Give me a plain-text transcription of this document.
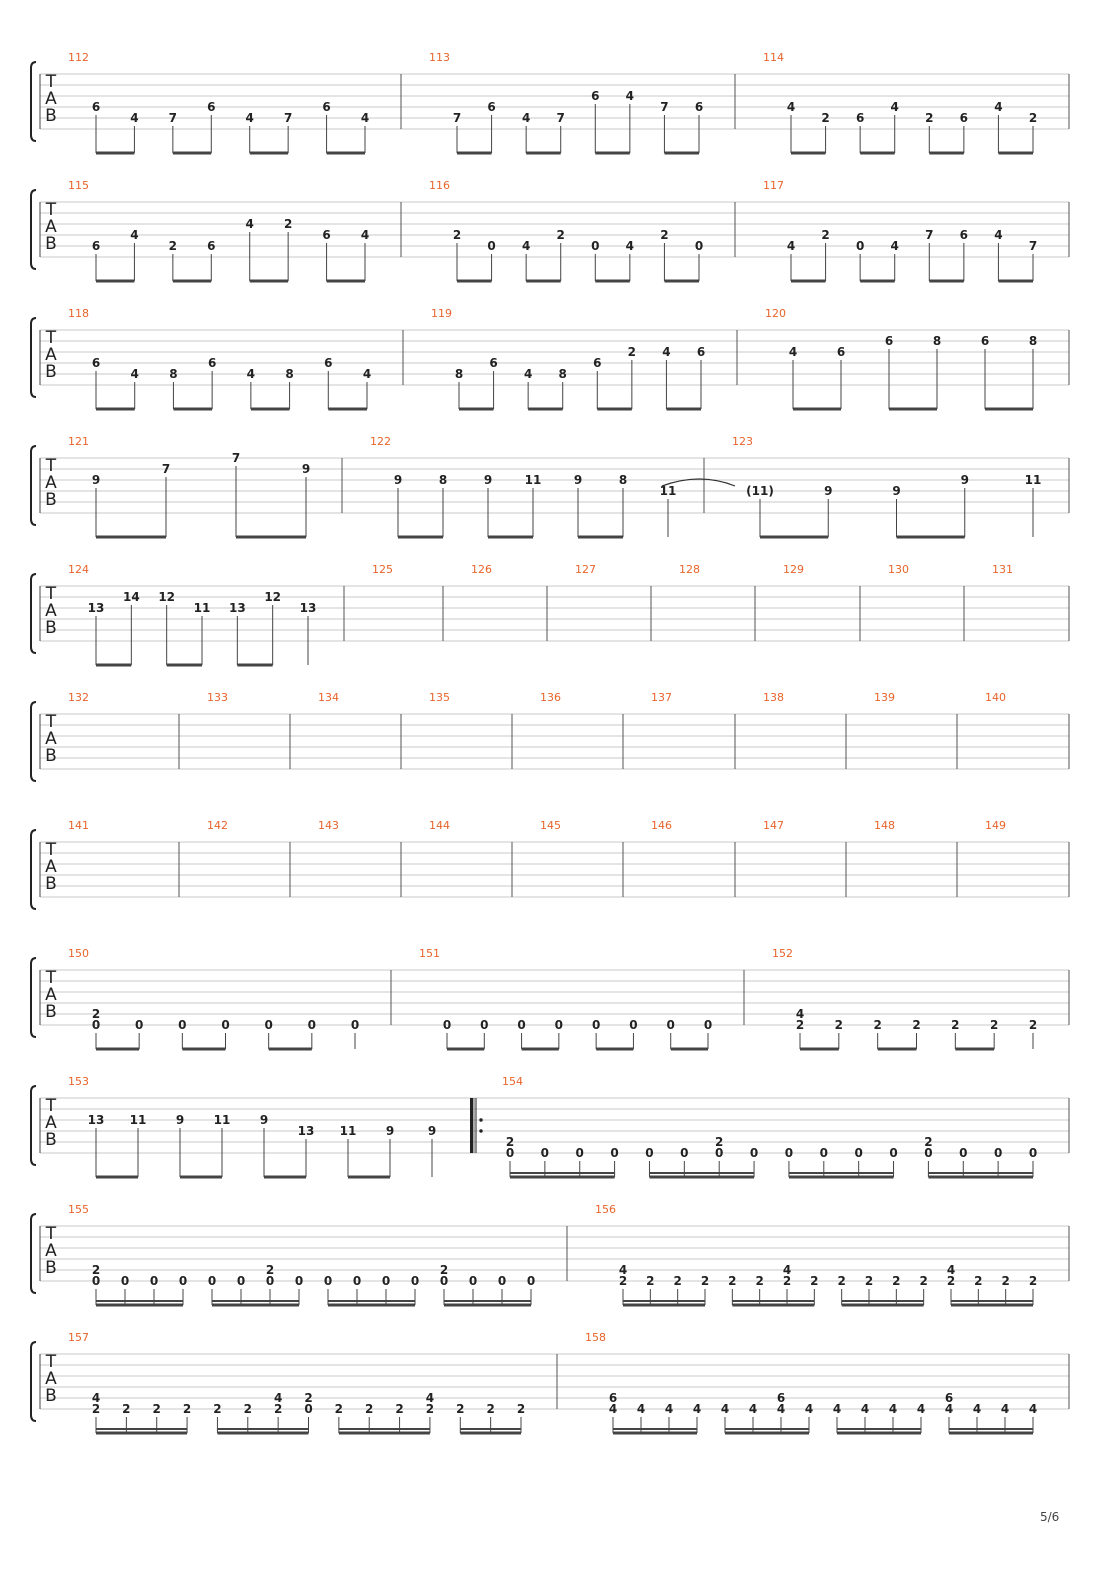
T
A
B
112
6
4	7
6
4	7
6
4
113
7
6
4 7
6 4
7 6
114
4
2 6
4
2 6
4
2
T
A
B
115
6
4
2	6
4	2
6	4
116
2
0 4
2
0 4
2
0
117
4
2
0 4
7 6 4
7
T
A
B
118
6
4	8
6
4	8
6
4
119
8
6
4 8
6
2 4 6
120
4	6
6	8	6	8
T
A
B
121
9
7
7
9
122
9	8	9	11	9	8
11
123
(11)	9	9
9	11
T
A
B
124
13
14 12
11 13
12
13
125	126	127	128	129	130	131
T
A
B
132	133	134	135	136	137	138	139	140
T
A
B
141	142	143	144	145	146	147	148	149
T
A
B
150
2
0	0	0	0	0	0	0
151
0 0 0 0 0 0 0 0
152
4
2	2	2	2	2	2	2
T
A
B
153
13 11 9 11 9
13 11 9	9
154
2
0 0 0 0 0 0
2
0 0 0 0 0 0
2
0 0 0 0
T
A
B
155
2
0 0 0 0 0 0
2
0 0 0 0 0 0
2
0 0 0 0
156
4
2 2 2 2 2 2
4
2 2 2 2 2 2
4
2 2 2 2
T
A
B
157
4
2 2 2 2 2 2
4
2
2
0 2 2 2
4
2 2 2 2
158
6
4 4 4 4 4 4
6
4 4 4 4 4 4
6
4 4 4 4
5/6
